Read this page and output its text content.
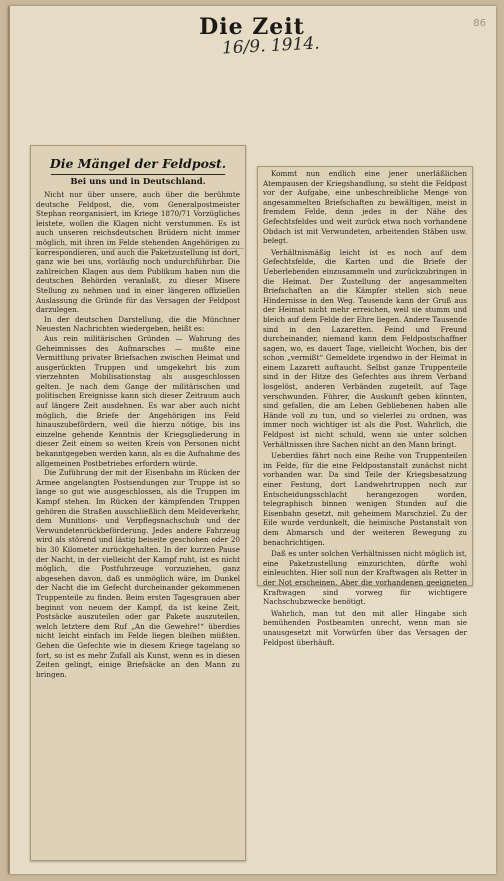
Die Zeit	86
16/9. 1914.
Die Mängel der Feldpost.
Bei uns und in Deutschland.

Nicht nur über unsere, auch über die berühmte deutsche Feldpost, die, vom Generalpostmeister Stephan reorganisiert, im Kriege 1870/71 Vorzügliches leistete, wollen die Klagen nicht verstummen. Es ist auch unseren reichsdeutschen Brüdern nicht immer möglich, mit ihren im Felde stehenden Angehörigen zu korrespondieren, und auch die Paketzustellung ist dort, ganz wie bei uns, vorläufig noch undurchführbar. Die zahlreichen Klagen aus dem Publikum haben nun die deutschen Behörden veranlaßt, zu dieser Misere Stellung zu nehmen und in einer längeren offiziellen Auslassung die Gründe für das Versagen der Feldpost darzulegen.

In der deutschen Darstellung, die die Münchner Neuesten Nachrichten wiedergeben, heißt es:

Aus rein militärischen Gründen — Wahrung des Geheimnisses des Aufmarsches — mußte eine Vermittlung privater Briefsachen zwischen Heimat und ausgerückten Truppen und umgekehrt bis zum vierzehnten Mobilisationstag als ausgeschlossen gelten. Je nach dem Gange der militärischen und politischen Ereignisse kann sich dieser Zeitraum auch auf längere Zeit ausdehnen. Es war aber auch nicht möglich, die Briefe der Angehörigen ins Feld hinauszubefördern, weil die hierzu nötige, bis ins einzelne gehende Kenntnis der Kriegsgliederung in dieser Zeit einem so weiten Kreis von Personen nicht bekanntgegeben werden kann, als es die Aufnahme des allgemeinen Postbetriebes erfordern würde.

Die Zuführung der mit der Eisenbahn im Rücken der Armee angelangten Postsendungen zur Truppe ist so lange so gut wie ausgeschlossen, als die Truppen im Kampf stehen. Im Rücken der kämpfenden Truppen gehören die Straßen ausschließlich dem Meldeverkehr, dem Munitions- und Verpflegsnachschub und der Verwundetenrückbeförderung. Jedes andere Fahrzeug wird als störend und lästig beiseite geschoben oder 20 bis 30 Kilometer zurückgehalten. In der kurzen Pause der Nacht, in der vielleicht der Kampf ruht, ist es nicht möglich, die Postfuhrzeuge vorzuziehen, ganz abgesehen davon, daß es unmöglich wäre, im Dunkel der Nacht die im Gefecht durcheinander gekommenen Truppenteile zu finden. Beim ersten Tagesgrauen aber beginnt von neuem der Kampf, da ist keine Zeit, Postsäcke auszuteilen oder gar Pakete auszuteilen, welch letztere dem Ruf „An die Gewehre!“ überdies nicht leicht einfach im Felde liegen bleiben müßten. Gehen die Gefechte wie in diesem Kriege tagelang so fort, so ist es mehr Zufall als Kunst, wenn es in diesen Zeiten gelingt, einige Briefsäcke an den Mann zu bringen.

Kommt nun endlich eine jener unerläßlichen Atempausen der Kriegshandlung, so steht die Feldpost vor der Aufgabe, eine unbeschreibliche Menge von angesammelten Briefschaften zu bewältigen, meist in fremdem Felde, denn jedes in der Nähe des Gefechtsfeldes und weit zurück etwa noch vorhandene Obdach ist mit Verwundeten, arbeitenden Stäben usw. belegt.

Verhältnismäßig leicht ist es noch auf dem Gefechtsfelde, die Karten und die Briefe der Ueberlebenden einzusammeln und zurückzubringen in die Heimat. Der Zustellung der angesammelten Briefschaften an die Kämpfer stellen sich neue Hindernisse in den Weg. Tausende kann der Gruß aus der Heimat nicht mehr erreichen, weil sie stumm und bleich auf dem Felde der Ehre liegen. Andere Tausende sind in den Lazaretten. Feind und Freund durcheinander, niemand kann dem Feldpostschaffner sagen, wo, es dauert Tage, vielleicht Wochen, bis der schon „vermißt“ Gemeldete irgendwo in der Heimat in einem Lazarett auftaucht. Selbst ganze Truppenteile sind in der Hitze des Gefechtes aus ihrem Verband losgelöst, anderen Verbänden zugeteilt, auf Tage verschwunden. Führer, die Auskunft geben könnten, sind gefallen, die am Leben Gebliebenen haben alle Hände voll zu tun, und so vielerlei zu ordnen, was immer noch wichtiger ist als die Post. Wahrlich, die Feldpost ist nicht schuld, wenn sie unter solchen Verhältnissen ihre Sachen nicht an den Mann bringt.

Ueberdies fährt noch eine Reihe von Truppenteilen im Felde, für die eine Feldpostanstalt zunächst nicht vorhanden war. Da sind Teile der Kriegsbesatzung einer Festung, dort Landwehrtruppen noch zur Entscheidungsschlacht herangezogen worden, telegraphisch binnen wenigen Stunden auf die Eisenbahn gesetzt, mit geheimem Marschziel. Zu der Eile wurde verdunkelt, die heimische Postanstalt von dem Abmarsch und der weiteren Bewegung zu benachrichtigen.

Daß es unter solchen Verhältnissen nicht möglich ist, eine Paketzustellung einzurichten, dürfte wohl einleuchten. Hier soll nun der Kraftwagen als Retter in der Not erscheinen. Aber die vorhandenen geeigneten Kraftwagen sind vorweg für wichtigere Nachschubzwecke benötigt.

Wahrlich, man tut den mit aller Hingabe sich bemühenden Postbeamten unrecht, wenn man sie unausgesetzt mit Vorwürfen über das Versagen der Feldpost überhäuft.
